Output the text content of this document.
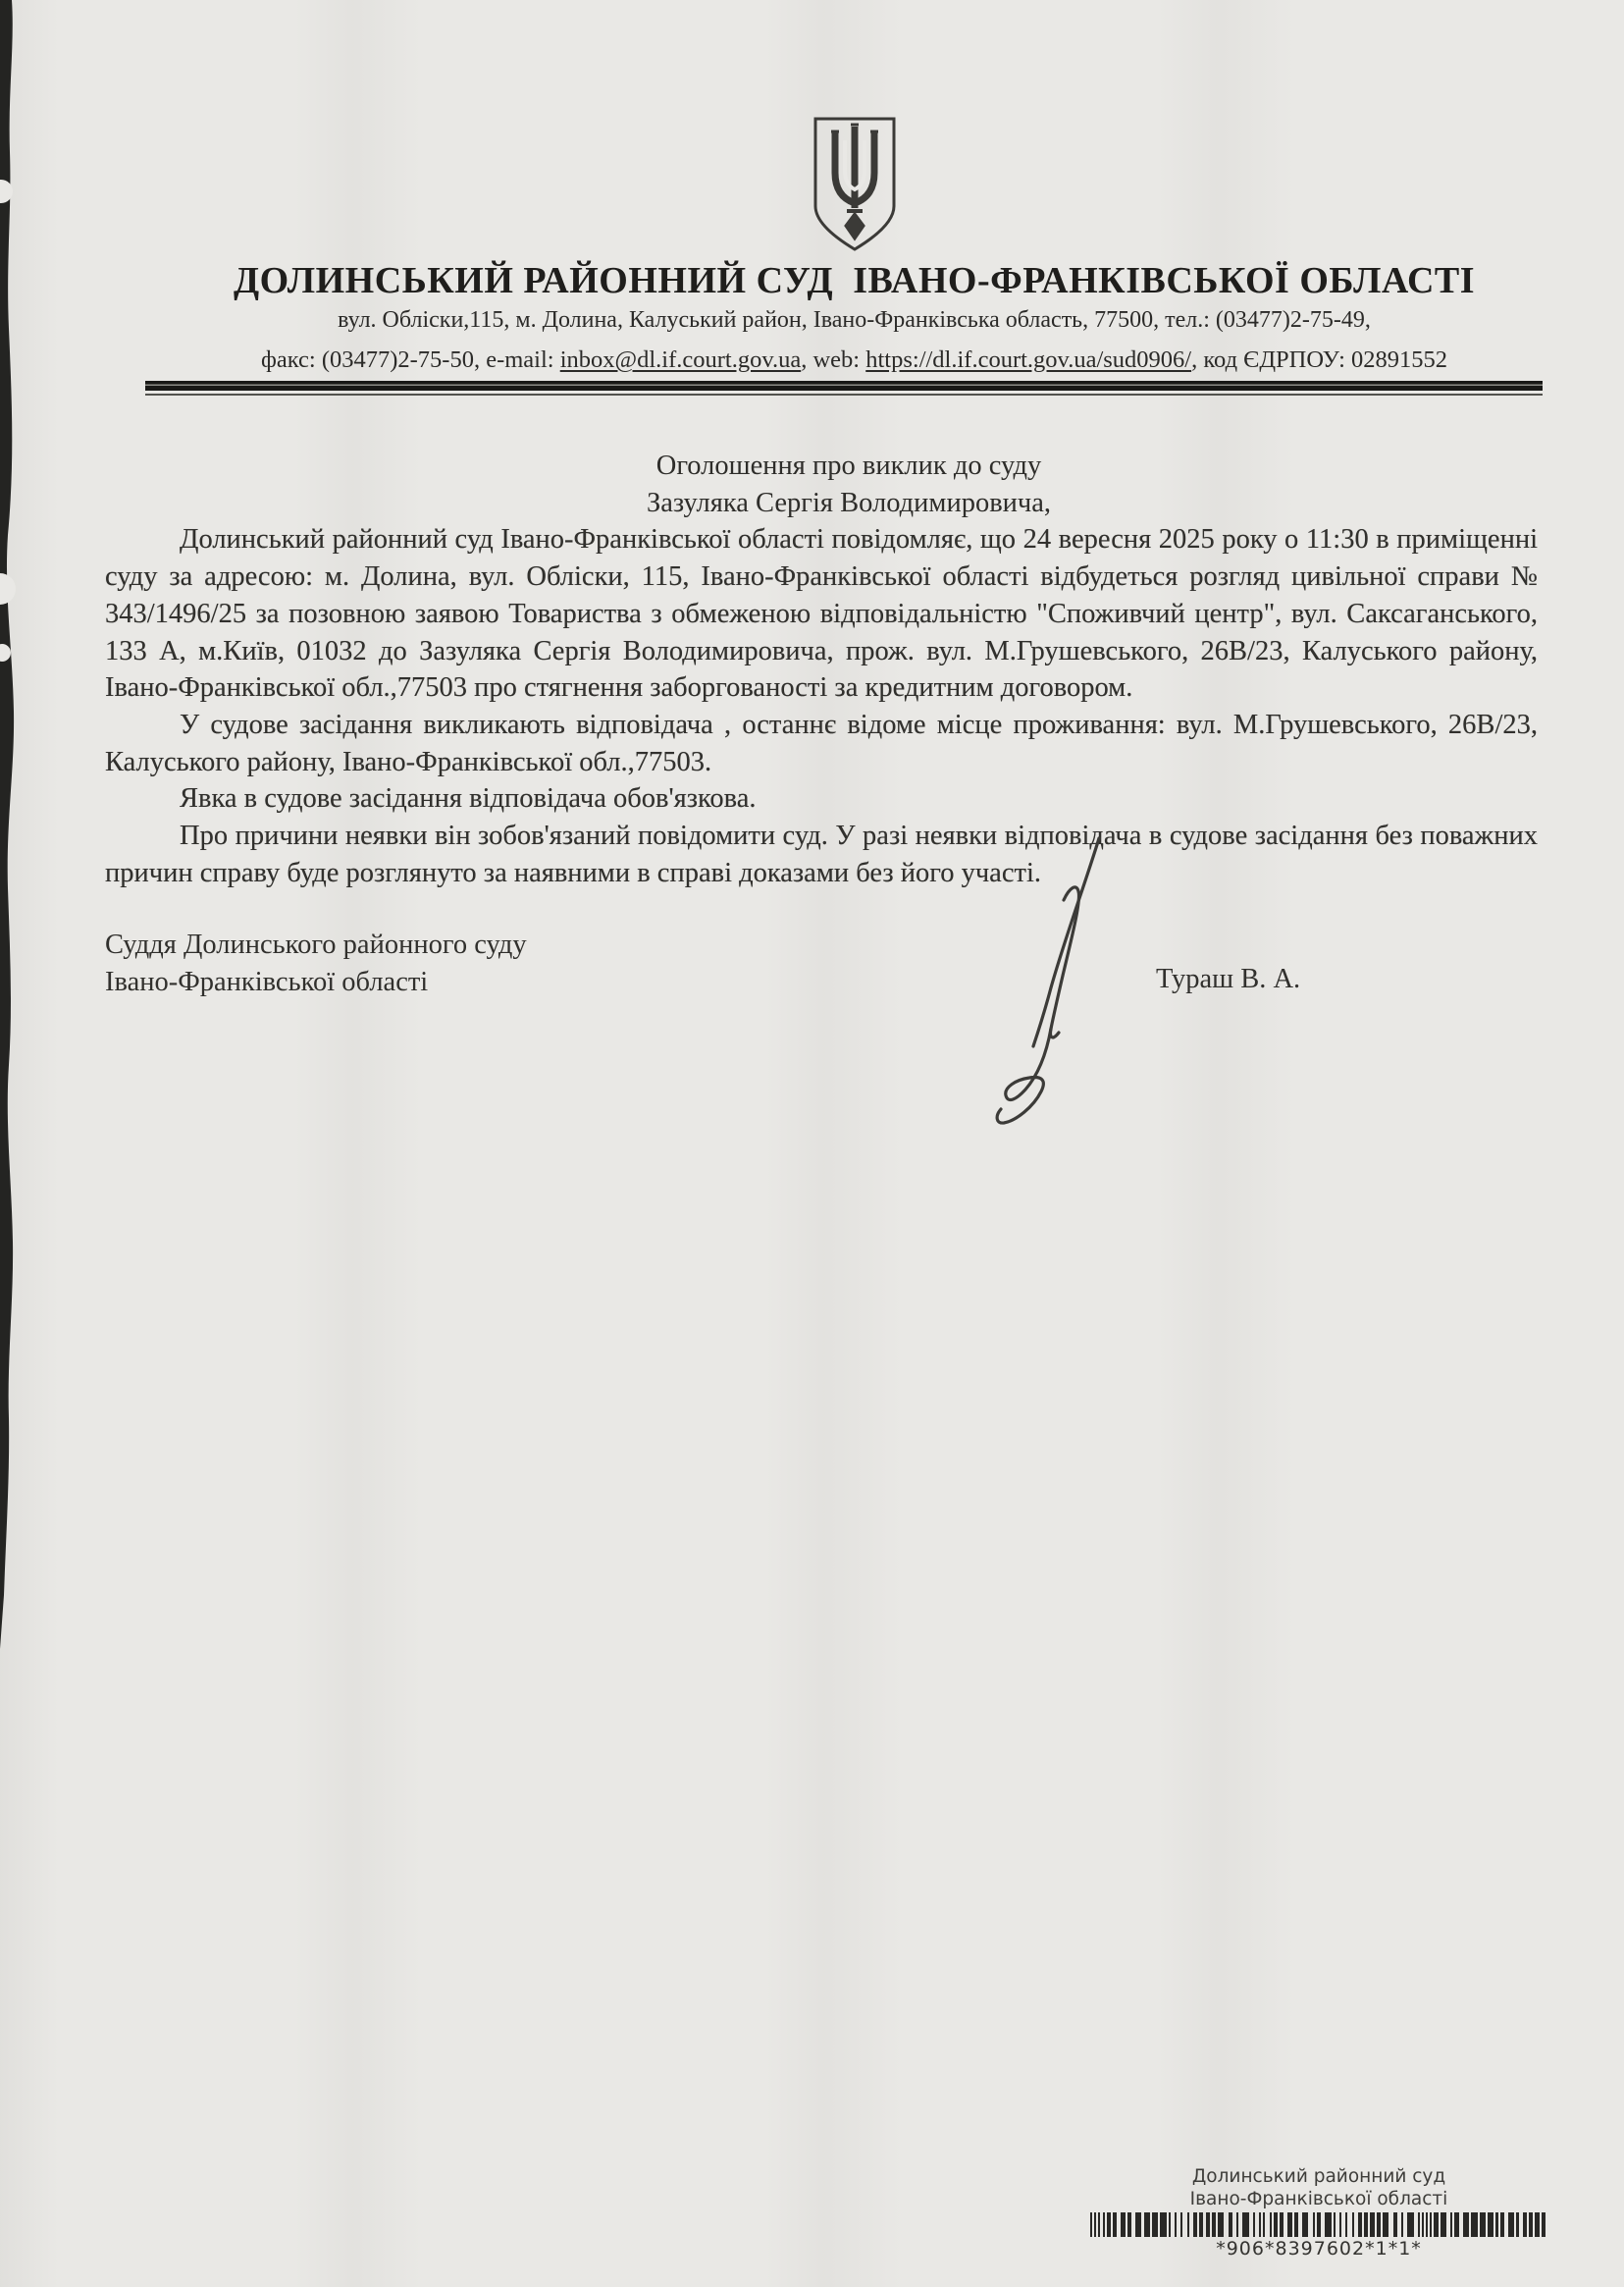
ДОЛИНСЬКИЙ РАЙОННИЙ СУД  ІВАНО-ФРАНКІВСЬКОЇ ОБЛАСТІ
вул. Обліски,115, м. Долина, Калуський район, Івано-Франківська область, 77500, тел.: (03477)2-75-49,
факс: (03477)2-75-50, e-mail: inbox@dl.if.court.gov.ua, web: https://dl.if.court.gov.ua/sud0906/, код ЄДРПОУ: 02891552

Оголошення про виклик до суду

Зазуляка Сергія Володимировича,

Долинський районний суд Івано-Франківської області повідомляє, що 24 вересня 2025 року о 11:30 в приміщенні суду за адресою: м. Долина, вул. Обліски, 115, Івано-Франківської області відбудеться розгляд цивільної справи № 343/1496/25 за позовною заявою Товариства з обмеженою відповідальністю "Споживчий центр", вул. Саксаганського, 133 А, м.Київ, 01032 до Зазуляка Сергія Володимировича, прож. вул. М.Грушевського, 26В/23, Калуського району, Івано-Франківської обл.,77503 про стягнення заборгованості за кредитним договором.

У судове засідання викликають відповідача , останнє відоме місце проживання: вул. М.Грушевського, 26В/23, Калуського району, Івано-Франківської обл.,77503.

Явка в судове засідання відповідача обов'язкова.

Про причини неявки він зобов'язаний повідомити суд. У разі неявки відповідача в судове засідання без поважних причин справу буде розглянуто за наявними в справі доказами без його участі.

Суддя Долинського районного суду
Івано-Франківської області	Тураш В. А.
Долинський районний суд
Івано-Франківської області
*906*8397602*1*1*
